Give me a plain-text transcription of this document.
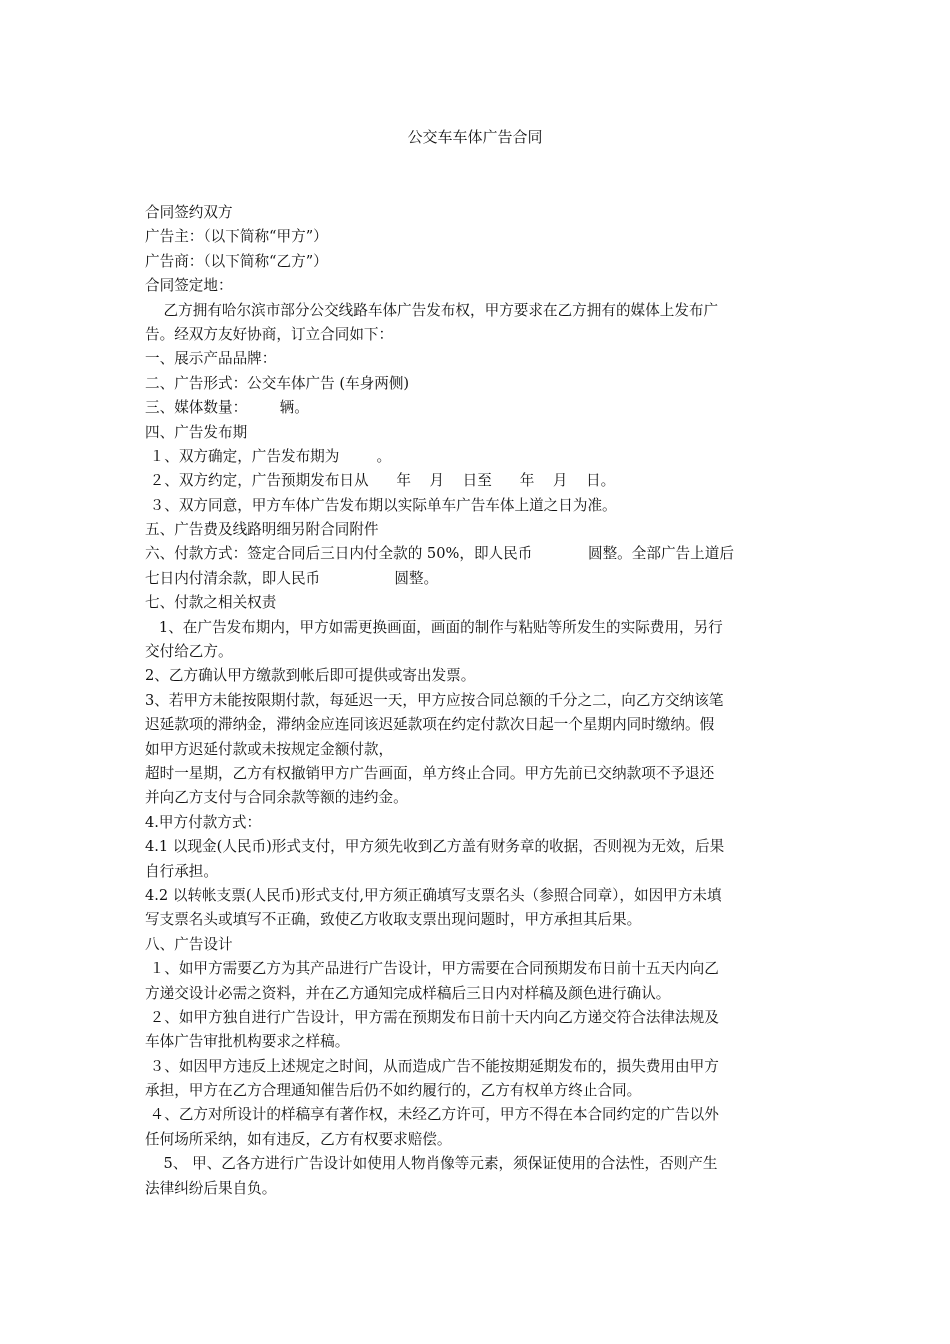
公交车车体广告合同
合同签约双方
广告主：（以下简称“甲方”）
广告商：（以下简称“乙方”）
合同签定地：
乙方拥有哈尔滨市部分公交线路车体广告发布权，甲方要求在乙方拥有的媒体上发布广
告。经双方友好协商，订立合同如下：
一、展示产品品牌：
二、广告形式：公交车体广告 (车身两侧)
三、媒体数量：       辆。
四、广告发布期
１、双方确定，广告发布期为        。
２、双方约定，广告预期发布日从      年    月    日至      年    月    日。
３、双方同意，甲方车体广告发布期以实际单车广告车体上道之日为准。
五、广告费及线路明细另附合同附件
六、付款方式：签定合同后三日内付全款的 50%，即人民币            圆整。全部广告上道后
七日内付清余款，即人民币                圆整。
七、付款之相关权责
1、在广告发布期内，甲方如需更换画面，画面的制作与粘贴等所发生的实际费用，另行
交付给乙方。
2、乙方确认甲方缴款到帐后即可提供或寄出发票。
3、若甲方未能按限期付款，每延迟一天，甲方应按合同总额的千分之二，向乙方交纳该笔
迟延款项的滞纳金，滞纳金应连同该迟延款项在约定付款次日起一个星期内同时缴纳。假
如甲方迟延付款或未按规定金额付款，
超时一星期，乙方有权撤销甲方广告画面，单方终止合同。甲方先前已交纳款项不予退还
并向乙方支付与合同余款等额的违约金。
4.甲方付款方式：
4.1 以现金(人民币)形式支付，甲方须先收到乙方盖有财务章的收据，否则视为无效，后果
自行承担。
4.2 以转帐支票(人民币)形式支付,甲方须正确填写支票名头（参照合同章），如因甲方未填
写支票名头或填写不正确，致使乙方收取支票出现问题时，甲方承担其后果。
八、广告设计
１、如甲方需要乙方为其产品进行广告设计，甲方需要在合同预期发布日前十五天内向乙
方递交设计必需之资料，并在乙方通知完成样稿后三日内对样稿及颜色进行确认。
２、如甲方独自进行广告设计，甲方需在预期发布日前十天内向乙方递交符合法律法规及
车体广告审批机构要求之样稿。
３、如因甲方违反上述规定之时间，从而造成广告不能按期延期发布的，损失费用由甲方
承担，甲方在乙方合理通知催告后仍不如约履行的，乙方有权单方终止合同。
４、乙方对所设计的样稿享有著作权，未经乙方许可，甲方不得在本合同约定的广告以外
任何场所采纳，如有违反，乙方有权要求赔偿。
5、 甲、乙各方进行广告设计如使用人物肖像等元素，须保证使用的合法性，否则产生
法律纠纷后果自负。
